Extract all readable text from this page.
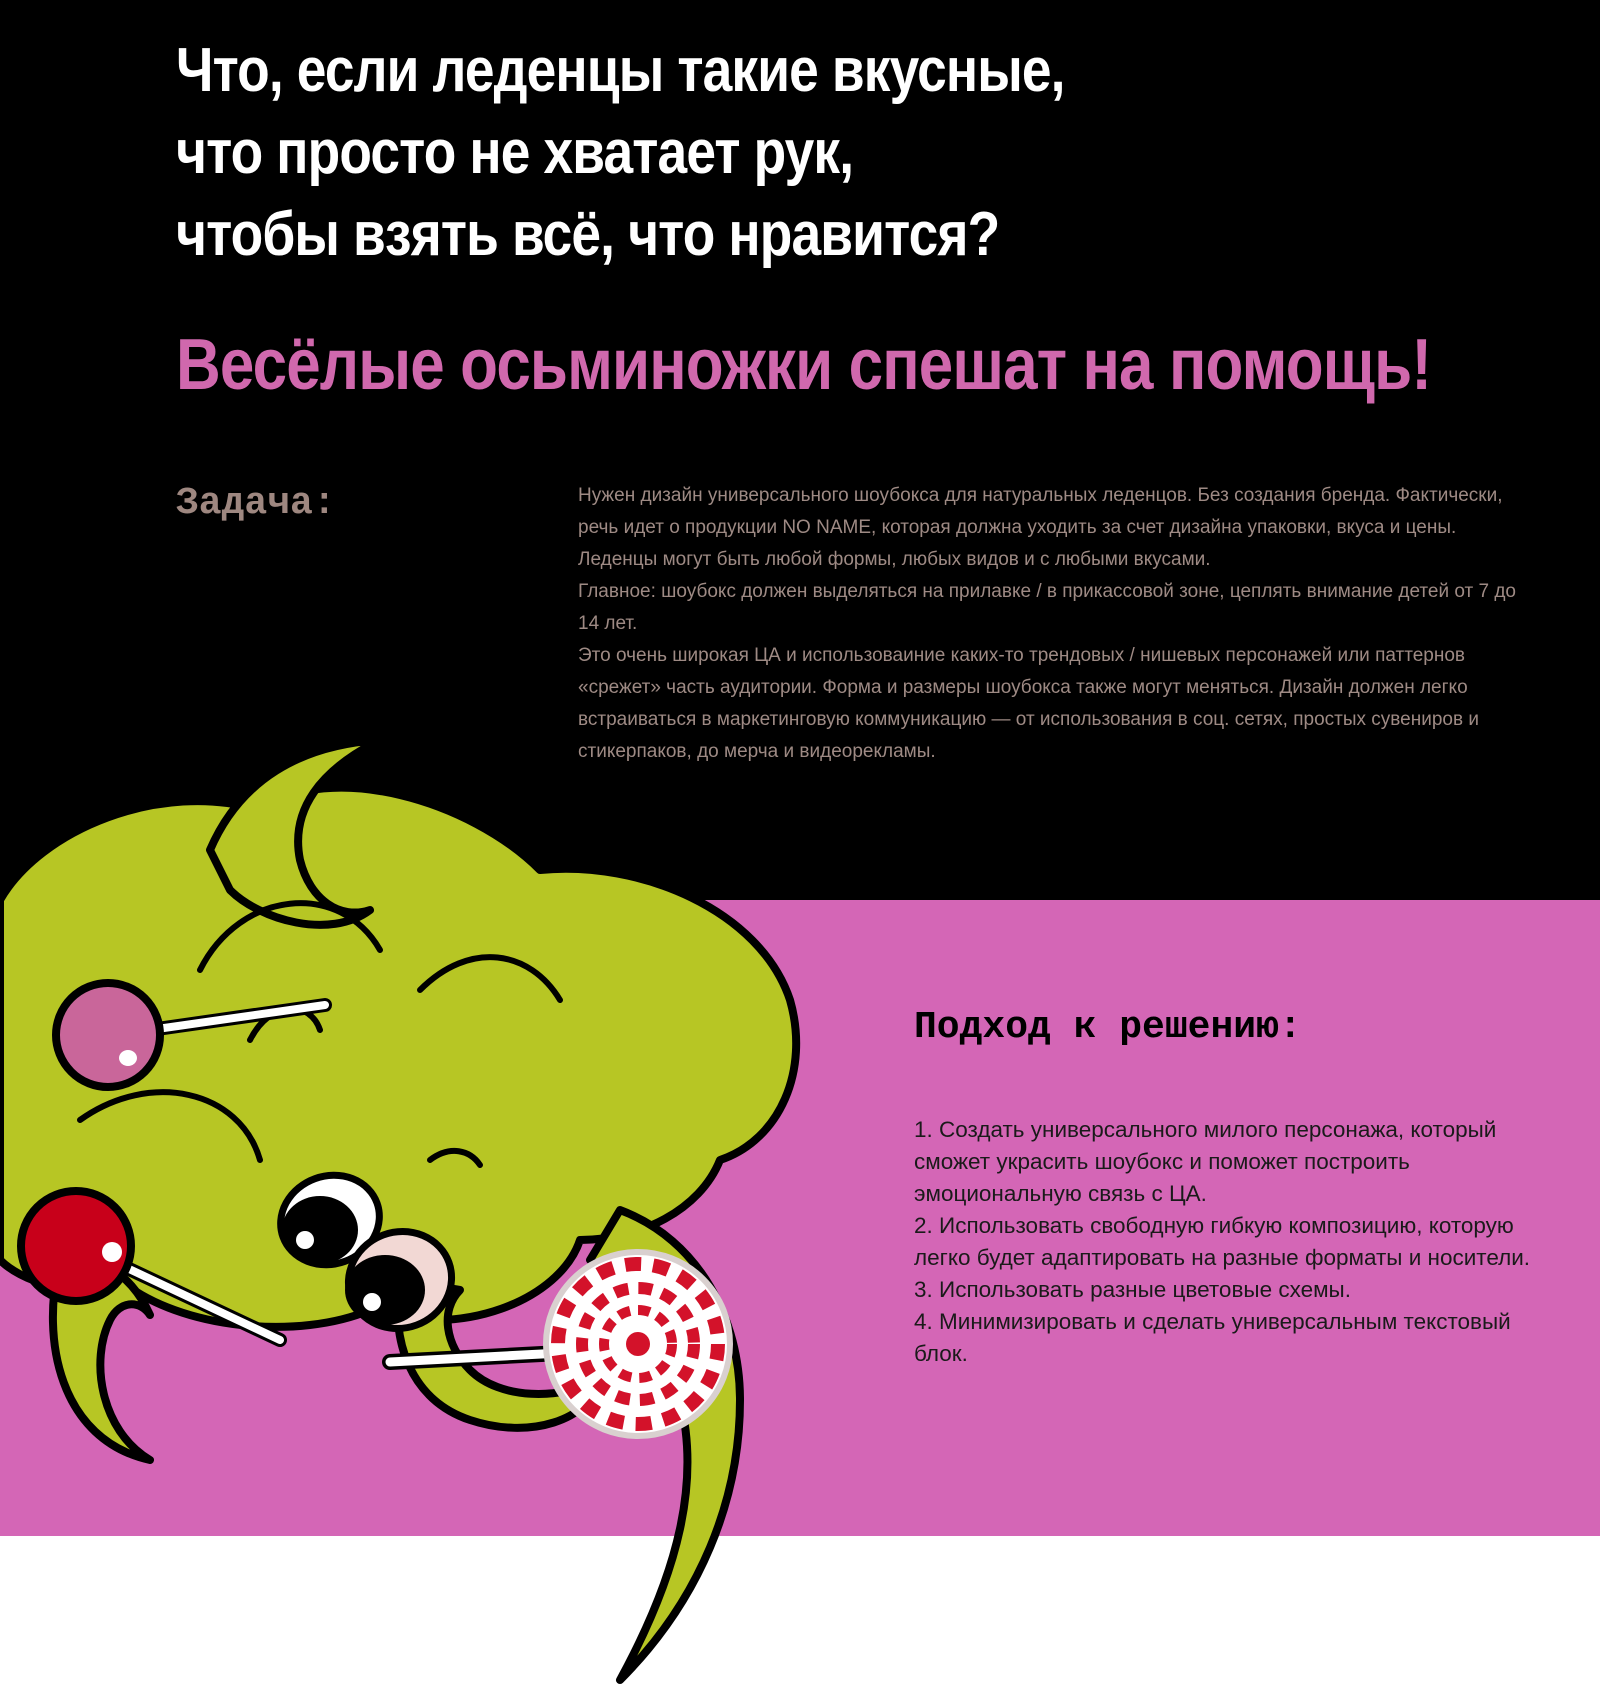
Что, если леденцы такие вкусные,
что просто не хватает рук,
чтобы взять всё, что нравится?
Весёлые осьминожки спешат на помощь!
Задача:	Нужен дизайн универсального шоубокса для натуральных леденцов. Без создания бренда. Фактически, речь идет о продукции NO NAME, которая должна уходить за счет дизайна упаковки, вкуса и цены.

Леденцы могут быть любой формы, любых видов и с любыми вкусами.

Главное: шоубокс должен выделяться на прилавке / в прикассовой зоне, цеплять внимание детей от 7 до 14 лет.

Это очень широкая ЦА и использоваиние каких-то трендовых / нишевых персонажей или паттернов «срежет» часть аудитории. Форма и размеры шоубокса также могут меняться. Дизайн должен легко встраиваться в маркетинговую коммуникацию — от использования в соц. сетях, простых сувениров и стикерпаков, до мерча и видеорекламы.

Подход к решению:
1. Создать универсального милого персонажа, который сможет украсить шоубокс и поможет построить эмоциональную связь с ЦА.
2. Использовать свободную гибкую композицию, которую легко будет адаптировать на разные форматы и носители.
3. Использовать разные цветовые схемы.
4. Минимизировать и сделать универсальным текстовый блок.
